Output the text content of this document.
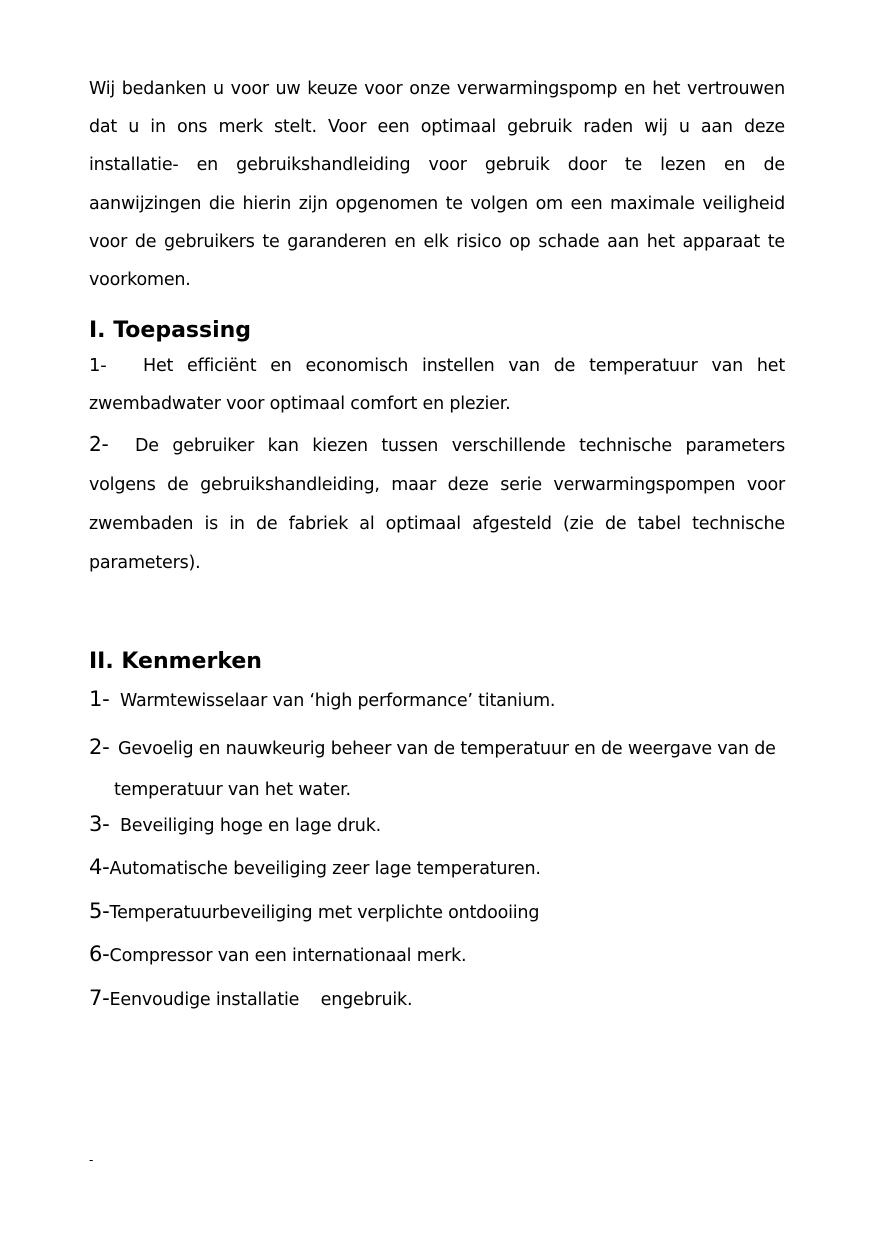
Wij bedanken u voor uw keuze voor onze verwarmingspomp en het vertrouwen dat u in ons merk stelt. Voor een optimaal gebruik raden wij u aan deze installatie- en gebruikshandleiding voor gebruik door te lezen en de aanwijzingen die hierin zijn opgenomen te volgen om een maximale veiligheid voor de gebruikers te garanderen en elk risico op schade aan het apparaat te voorkomen.

I. Toepassing

1- Het efficiënt en economisch instellen van de temperatuur van het zwembadwater voor optimaal comfort en plezier.

2- De gebruiker kan kiezen tussen verschillende technische parameters volgens de gebruikshandleiding, maar deze serie verwarmingspompen voor zwembaden is in de fabriek al optimaal afgesteld (zie de tabel technische parameters).

II. Kenmerken

1- Warmtewisselaar van ‘high performance’ titanium.

2- Gevoelig en nauwkeurig beheer van de temperatuur en de weergave van de
temperatuur van het water.

3- Beveiliging hoge en lage druk.

4-Automatische beveiliging zeer lage temperaturen.

5-Temperatuurbeveiliging met verplichte ontdooiing

6-Compressor van een internationaal merk.

7-Eenvoudige installatie    engebruik.

-
